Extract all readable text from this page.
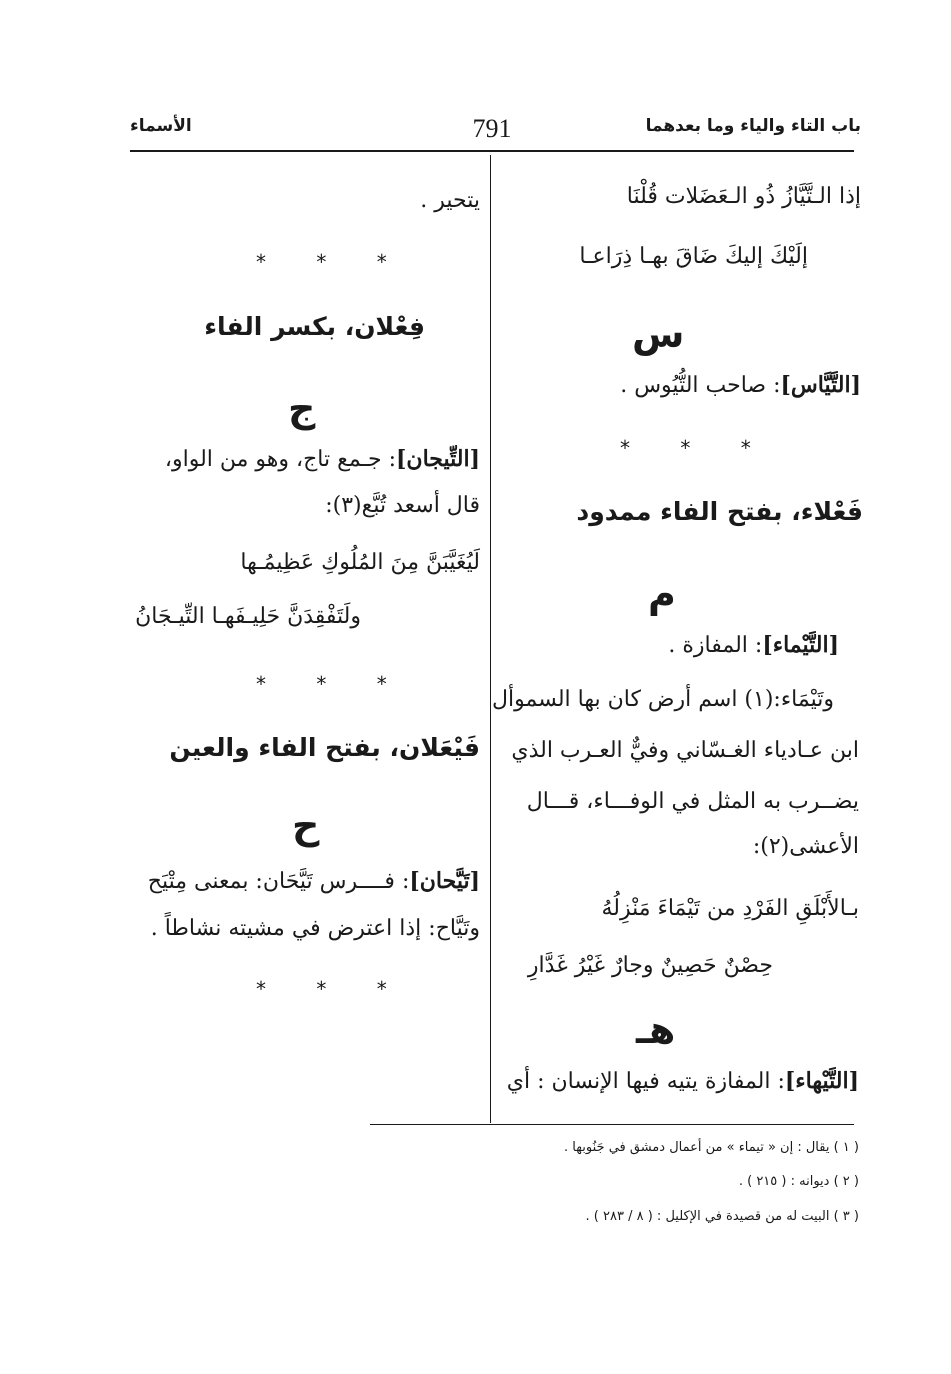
باب التاء والياء وما بعدهما
791
الأسماء
إذا الـتَّيَّازُ ذُو الـعَضَلات قُلْنَا
إلَيْكَ إليكَ ضَاقَ بهـا ذِرَاعـا
س
[التَّيَّاس]: صاحب التُّيُوس .
* * *
فَعْلاء، بفتح الفاء ممدود
م
[التَّيْماء]: المفازة .
وتَيْمَاء:(١) اسم أرض كان بها السموأل
ابن عـادياء الغـسّاني وفيٌّ العـرب الذي
يضــرب به المثل في الوفـــاء، قـــال
الأعشى(٢):
بـالأَبْلَقِ الفَرْدِ من تَيْمَاءَ مَنْزِلُهُ
حِصْنٌ حَصِينٌ وجارٌ غَيْرُ غَدَّارِ
هـ
[التَّيْهاء]: المفازة يتيه فيها الإنسان : أي
يتحير .
* * *
فِعْلان، بكسر الفاء
ج
[التِّيجان]: جـمع تاج، وهو من الواو،
قال أسعد تُبَّع(٣):
لَيُغَيَّبَنَّ مِنَ المُلُوكِ عَظِيمُـها
ولَتَفْقِدَنَّ حَلِيـفَهـا التِّيـجَانُ
* * *
فَيْعَلان، بفتح الفاء والعين
ح
[تَيَّحان]: فــــرس تَيَّحَان: بمعنى مِتْيَح
وتَيَّاح: إذا اعترض في مشيته نشاطاً .
* * *
( ١ ) يقال : إن « تيماء » من أعمال دمشق في جَنُوبها .
( ٢ ) ديوانه : ( ٢١٥ ) .
( ٣ ) البيت له من قصيدة في الإكليل : ( ٨ / ٢٨٣ ) .
